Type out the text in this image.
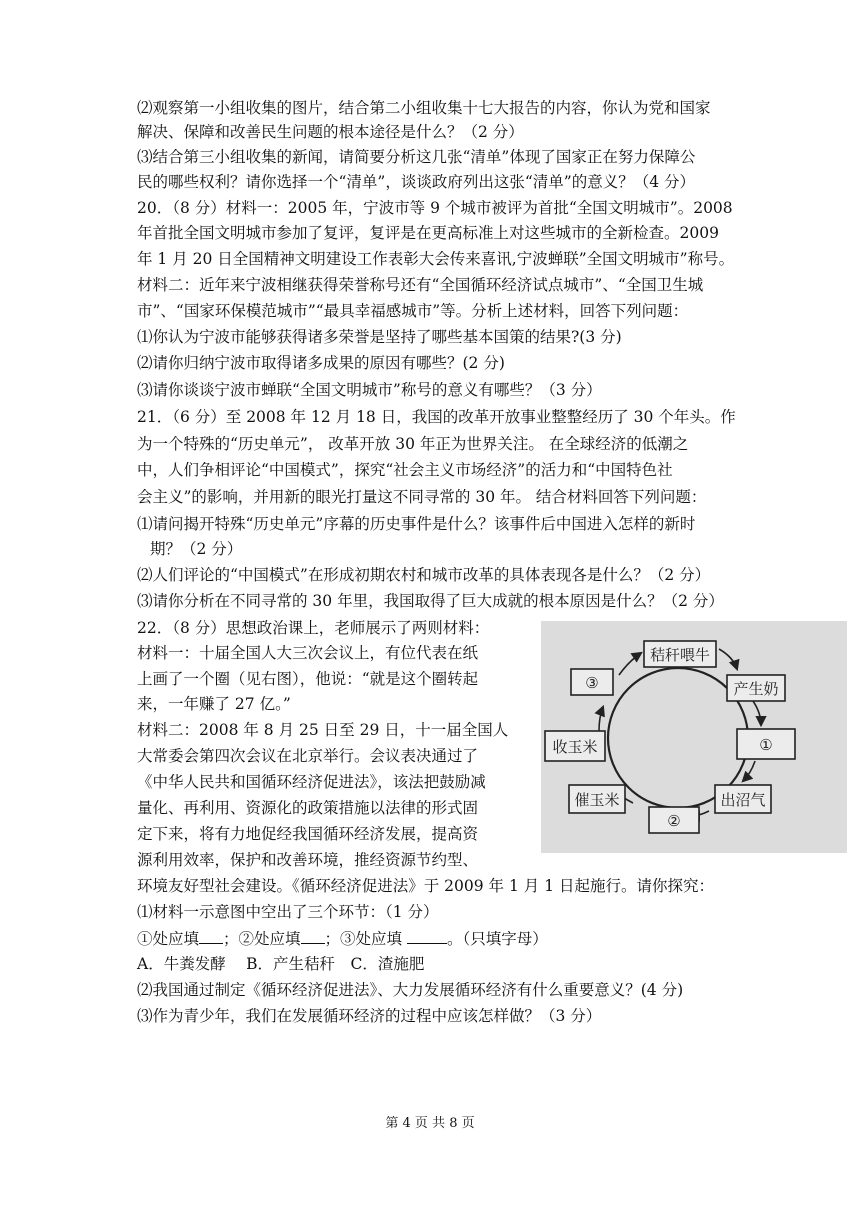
⑵观察第一小组收集的图片，结合第二小组收集十七大报告的内容，你认为党和国家
解决、保障和改善民生问题的根本途径是什么？（2 分）
⑶结合第三小组收集的新闻，请简要分析这几张“清单”体现了国家正在努力保障公
民的哪些权利？请你选择一个“清单”，谈谈政府列出这张“清单”的意义？（4 分）
20．（8 分）材料一：2005 年，宁波市等 9 个城市被评为首批“全国文明城市”。2008
年首批全国文明城市参加了复评，复评是在更高标准上对这些城市的全新检查。2009
年 1 月 20 日全国精神文明建设工作表彰大会传来喜讯,宁波蝉联”全国文明城市”称号。
材料二：近年来宁波相继获得荣誉称号还有“全国循环经济试点城市”、“全国卫生城
市”、“国家环保模范城市”“最具幸福感城市”等。分析上述材料，回答下列问题：
⑴你认为宁波市能够获得诸多荣誉是坚持了哪些基本国策的结果?(3 分)
⑵请你归纳宁波市取得诸多成果的原因有哪些？(2 分)
⑶请你谈谈宁波市蝉联“全国文明城市”称号的意义有哪些？（3 分）
21．（6 分）至 2008 年 12 月 18 日，我国的改革开放事业整整经历了 30 个年头。作
为一个特殊的“历史单元”， 改革开放 30 年正为世界关注。 在全球经济的低潮之
中，人们争相评论“中国模式”，探究“社会主义市场经济”的活力和“中国特色社
会主义”的影响，并用新的眼光打量这不同寻常的 30 年。 结合材料回答下列问题：
⑴请问揭开特殊“历史单元”序幕的历史事件是什么？该事件后中国进入怎样的新时
期？（2 分）
⑵人们评论的“中国模式”在形成初期农村和城市改革的具体表现各是什么？（2 分）
⑶请你分析在不同寻常的 30 年里，我国取得了巨大成就的根本原因是什么？（2 分）
22．（8 分）思想政治课上，老师展示了两则材料：
材料一：十届全国人大三次会议上，有位代表在纸
上画了一个圈（见右图），他说：“就是这个圈转起
来，一年赚了 27 亿。”
材料二：2008 年 8 月 25 日至 29 日，十一届全国人
大常委会第四次会议在北京举行。会议表决通过了
《中华人民共和国循环经济促进法》，该法把鼓励减
量化、再利用、资源化的政策措施以法律的形式固
定下来，将有力地促经我国循环经济发展，提高资
源利用效率，保护和改善环境，推经资源节约型、
环境友好型社会建设。《循环经济促进法》于 2009 年 1 月 1 日起施行。请你探究：
⑴材料一示意图中空出了三个环节：（1 分）
①处应填 ；②处应填 ；③处应填	。（只填字母）
A．牛粪发酵　 B．产生秸秆　C．渣施肥
⑵我国通过制定《循环经济促进法》、大力发展循环经济有什么重要意义？(4 分)
⑶作为青少年，我们在发展循环经济的过程中应该怎样做？（3 分）
秸秆喂牛
产生奶
①
出沼气
②
催玉米
收玉米
③
第 4 页 共 8 页
